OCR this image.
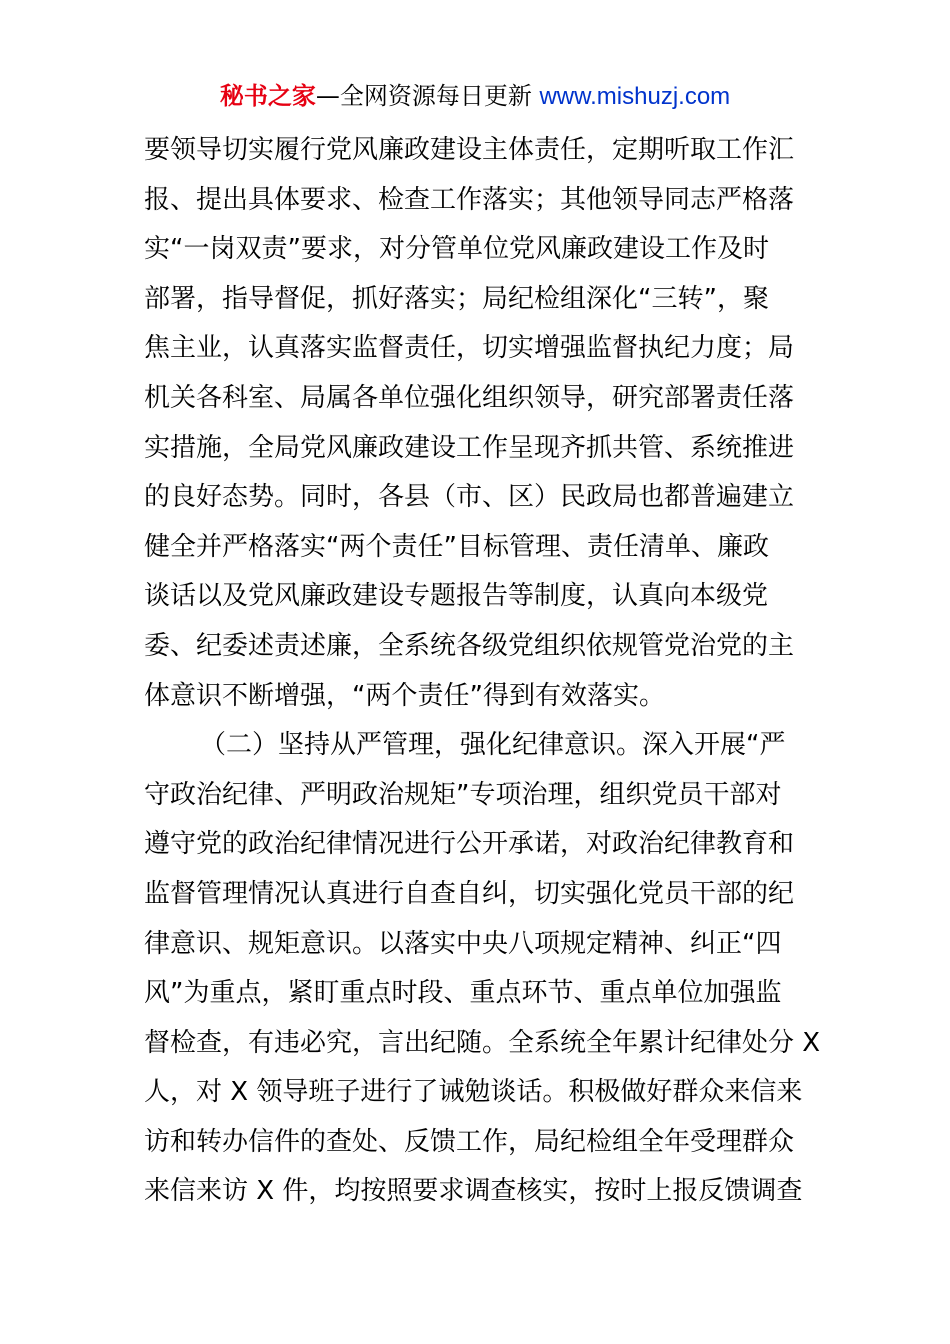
秘书之家—全网资源每日更新 www.mishuzj.com
要领导切实履行党风廉政建设主体责任，定期听取工作汇
报、提出具体要求、检查工作落实；其他领导同志严格落
实“一岗双责”要求，对分管单位党风廉政建设工作及时
部署，指导督促，抓好落实；局纪检组深化“三转”，聚
焦主业，认真落实监督责任，切实增强监督执纪力度；局
机关各科室、局属各单位强化组织领导，研究部署责任落
实措施，全局党风廉政建设工作呈现齐抓共管、系统推进
的良好态势。同时，各县（市、区）民政局也都普遍建立
健全并严格落实“两个责任”目标管理、责任清单、廉政
谈话以及党风廉政建设专题报告等制度，认真向本级党
委、纪委述责述廉，全系统各级党组织依规管党治党的主
体意识不断增强，“两个责任”得到有效落实。
（二）坚持从严管理，强化纪律意识。深入开展“严
守政治纪律、严明政治规矩”专项治理，组织党员干部对
遵守党的政治纪律情况进行公开承诺，对政治纪律教育和
监督管理情况认真进行自查自纠，切实强化党员干部的纪
律意识、规矩意识。以落实中央八项规定精神、纠正“四
风”为重点，紧盯重点时段、重点环节、重点单位加强监
督检查，有违必究，言出纪随。全系统全年累计纪律处分 X
人，对 X 领导班子进行了诫勉谈话。积极做好群众来信来
访和转办信件的查处、反馈工作，局纪检组全年受理群众
来信来访 X 件，均按照要求调查核实，按时上报反馈调查
